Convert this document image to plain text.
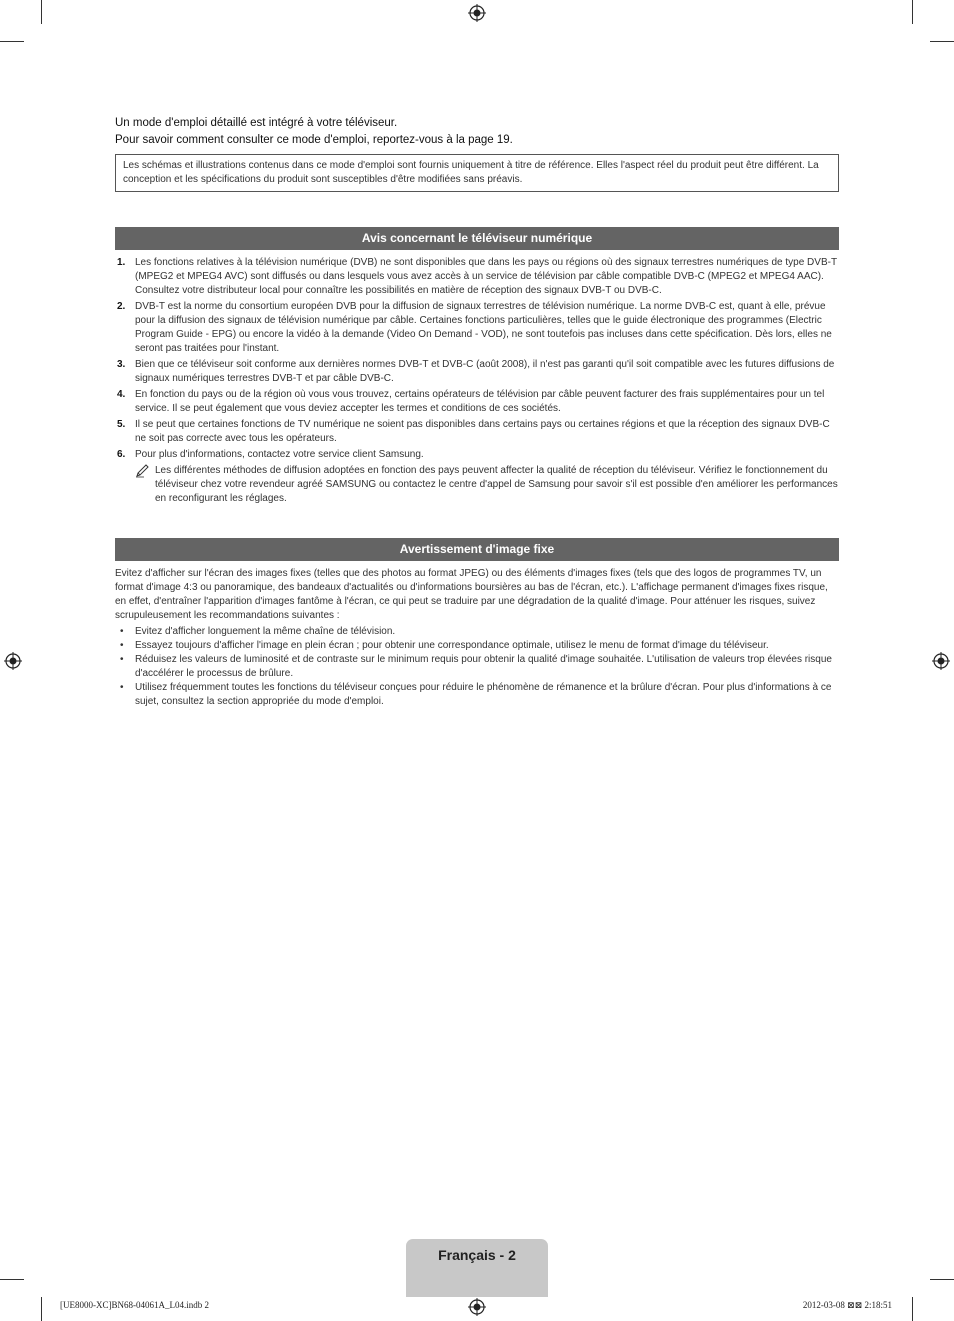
Un mode d'emploi détaillé est intégré à votre téléviseur.
Pour savoir comment consulter ce mode d'emploi, reportez-vous à la page 19.
Les schémas et illustrations contenus dans ce mode d'emploi sont fournis uniquement à titre de référence. Elles l'aspect réel du produit peut être différent. La conception et les spécifications du produit sont susceptibles d'être modifiées sans préavis.
Avis concernant le téléviseur numérique
1. Les fonctions relatives à la télévision numérique (DVB) ne sont disponibles que dans les pays ou régions où des signaux terrestres numériques de type DVB-T (MPEG2 et MPEG4 AVC) sont diffusés ou dans lesquels vous avez accès à un service de télévision par câble compatible DVB-C (MPEG2 et MPEG4 AAC). Consultez votre distributeur local pour connaître les possibilités en matière de réception des signaux DVB-T ou DVB-C.
2. DVB-T est la norme du consortium européen DVB pour la diffusion de signaux terrestres de télévision numérique. La norme DVB-C est, quant à elle, prévue pour la diffusion des signaux de télévision numérique par câble. Certaines fonctions particulières, telles que le guide électronique des programmes (Electric Program Guide - EPG) ou encore la vidéo à la demande (Video On Demand - VOD), ne sont toutefois pas incluses dans cette spécification. Dès lors, elles ne seront pas traitées pour l'instant.
3. Bien que ce téléviseur soit conforme aux dernières normes DVB-T et DVB-C (août 2008), il n'est pas garanti qu'il soit compatible avec les futures diffusions de signaux numériques terrestres DVB-T et par câble DVB-C.
4. En fonction du pays ou de la région où vous vous trouvez, certains opérateurs de télévision par câble peuvent facturer des frais supplémentaires pour un tel service. Il se peut également que vous deviez accepter les termes et conditions de ces sociétés.
5. Il se peut que certaines fonctions de TV numérique ne soient pas disponibles dans certains pays ou certaines régions et que la réception des signaux DVB-C ne soit pas correcte avec tous les opérateurs.
6. Pour plus d'informations, contactez votre service client Samsung.
Les différentes méthodes de diffusion adoptées en fonction des pays peuvent affecter la qualité de réception du téléviseur. Vérifiez le fonctionnement du téléviseur chez votre revendeur agréé SAMSUNG ou contactez le centre d'appel de Samsung pour savoir s'il est possible d'en améliorer les performances en reconfigurant les réglages.
Avertissement d'image fixe
Evitez d'afficher sur l'écran des images fixes (telles que des photos au format JPEG) ou des éléments d'images fixes (tels que des logos de programmes TV, un format d'image 4:3 ou panoramique, des bandeaux d'actualités ou d'informations boursières au bas de l'écran, etc.). L'affichage permanent d'images fixes risque, en effet, d'entraîner l'apparition d'images fantôme à l'écran, ce qui peut se traduire par une dégradation de la qualité d'image. Pour atténuer les risques, suivez scrupuleusement les recommandations suivantes :
• Evitez d'afficher longuement la même chaîne de télévision.
• Essayez toujours d'afficher l'image en plein écran ; pour obtenir une correspondance optimale, utilisez le menu de format d'image du téléviseur.
• Réduisez les valeurs de luminosité et de contraste sur le minimum requis pour obtenir la qualité d'image souhaitée. L'utilisation de valeurs trop élevées risque d'accélérer le processus de brûlure.
• Utilisez fréquemment toutes les fonctions du téléviseur conçues pour réduire le phénomène de rémanence et la brûlure d'écran. Pour plus d'informations à ce sujet, consultez la section appropriée du mode d'emploi.
Français - 2
[UE8000-XC]BN68-04061A_L04.indb 2	2012-03-08 ⊠⊠ 2:18:51
